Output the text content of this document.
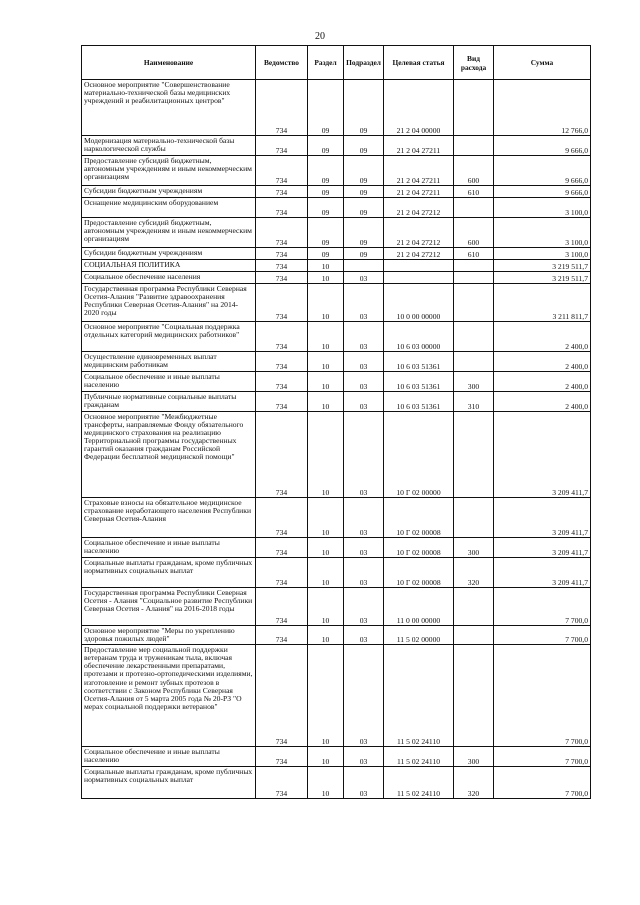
20
Наименование	Ведомство	Раздел	Подраздел	Целевая статья	Вид расхода	Сумма
Основное мероприятие "Совершенствование материально-технической базы медицинских учреждений и реабилитационных центров"	734	09	09	21 2 04 00000		12 766,0
Модернизация материально-технической базы наркологической службы	734	09	09	21 2 04 27211		9 666,0
Предоставление субсидий бюджетным, автономным учреждениям и иным некоммерческим организациям	734	09	09	21 2 04 27211	600	9 666,0
Субсидии бюджетным учреждениям	734	09	09	21 2 04 27211	610	9 666,0
Оснащение медицинским оборудованием	734	09	09	21 2 04 27212		3 100,0
Предоставление субсидий бюджетным, автономным учреждениям и иным некоммерческим организациям	734	09	09	21 2 04 27212	600	3 100,0
Субсидии бюджетным учреждениям	734	09	09	21 2 04 27212	610	3 100,0
СОЦИАЛЬНАЯ ПОЛИТИКА	734	10				3 219 511,7
Социальное обеспечение населения	734	10	03			3 219 511,7
Государственная программа Республики Северная Осетия-Алания "Развитие здравоохранения Республики Северная Осетия-Алания" на 2014-2020 годы	734	10	03	10 0 00 00000		3 211 811,7
Основное мероприятие "Социальная поддержка отдельных категорий медицинских работников"	734	10	03	10 6 03 00000		2 400,0
Осуществление единовременных выплат медицинским работникам	734	10	03	10 6 03 51361		2 400,0
Социальное обеспечение и иные выплаты населению	734	10	03	10 6 03 51361	300	2 400,0
Публичные нормативные социальные выплаты гражданам	734	10	03	10 6 03 51361	310	2 400,0
Основное мероприятие "Межбюджетные трансферты, направляемые Фонду обязательного медицинского страхования на реализацию Территориальной программы государственных гарантий оказания гражданам Российской Федерации бесплатной медицинской помощи"	734	10	03	10 Г 02 00000		3 209 411,7
Страховые взносы на обязательное медицинское страхование неработающего населения Республики Северная Осетия-Алания	734	10	03	10 Г 02 00008		3 209 411,7
Социальное обеспечение и иные выплаты населению	734	10	03	10 Г 02 00008	300	3 209 411,7
Социальные выплаты гражданам, кроме публичных нормативных социальных выплат	734	10	03	10 Г 02 00008	320	3 209 411,7
Государственная программа Республики Северная Осетия - Алания "Социальное развитие Республики Северная Осетия - Алания" на 2016-2018 годы	734	10	03	11 0 00 00000		7 700,0
Основное мероприятие "Меры по укреплению здоровья пожилых людей"	734	10	03	11 5 02 00000		7 700,0
Предоставление мер социальной поддержки ветеранам труда и труженикам тыла, включая обеспечение лекарственными препаратами, протезами и протезно-ортопедическими изделиями, изготовление и ремонт зубных протезов в соответствии с Законом Республики Северная Осетия-Алания от 5 марта 2005 года № 20-РЗ "О мерах социальной поддержки ветеранов"	734	10	03	11 5 02 24110		7 700,0
Социальное обеспечение и иные выплаты населению	734	10	03	11 5 02 24110	300	7 700,0
Социальные выплаты гражданам, кроме публичных нормативных социальных выплат	734	10	03	11 5 02 24110	320	7 700,0
